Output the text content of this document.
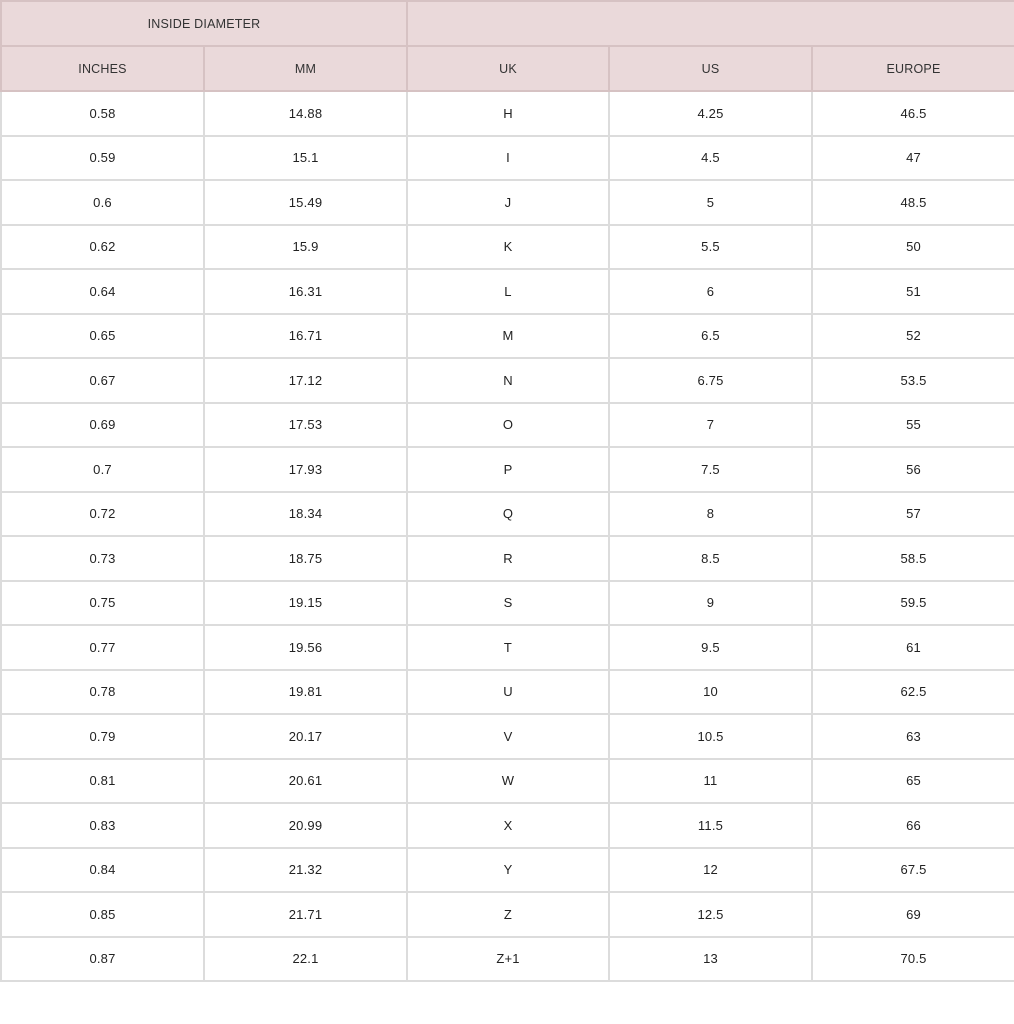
INSIDE DIAMETER				
INCHES	MM	UK	US	EUROPE
0.58	14.88	H	4.25	46.5
0.59	15.1	I	4.5	47
0.6	15.49	J	5	48.5
0.62	15.9	K	5.5	50
0.64	16.31	L	6	51
0.65	16.71	M	6.5	52
0.67	17.12	N	6.75	53.5
0.69	17.53	O	7	55
0.7	17.93	P	7.5	56
0.72	18.34	Q	8	57
0.73	18.75	R	8.5	58.5
0.75	19.15	S	9	59.5
0.77	19.56	T	9.5	61
0.78	19.81	U	10	62.5
0.79	20.17	V	10.5	63
0.81	20.61	W	11	65
0.83	20.99	X	11.5	66
0.84	21.32	Y	12	67.5
0.85	21.71	Z	12.5	69
0.87	22.1	Z+1	13	70.5
